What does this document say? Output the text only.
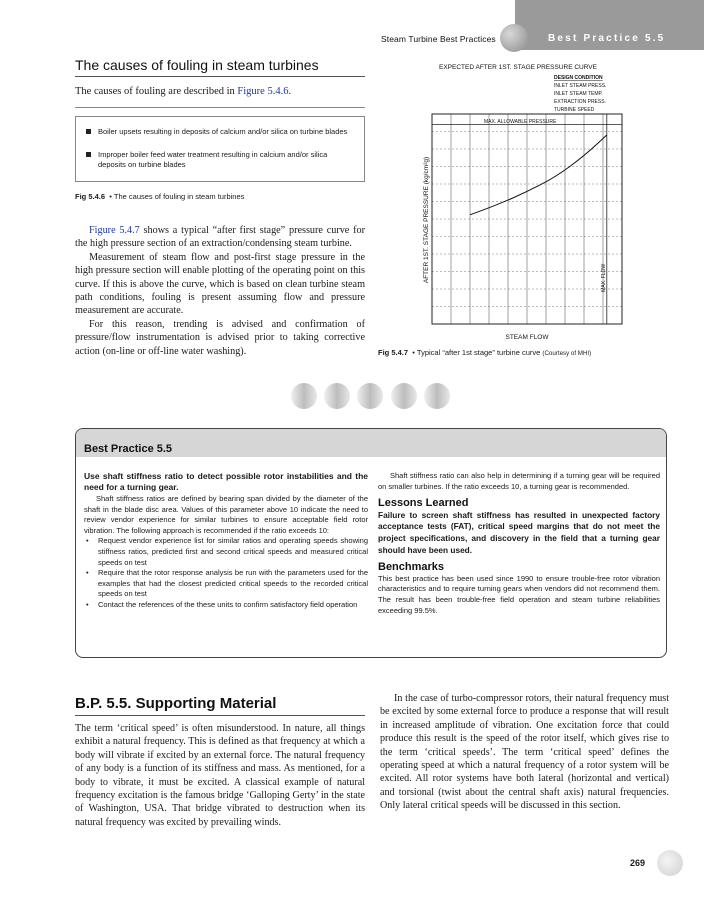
Steam Turbine Best Practices	Best Practice 5.5
The causes of fouling in steam turbines
The causes of fouling are described in Figure 5.4.6.
Boiler upsets resulting in deposits of calcium and/or silica on turbine blades
Improper boiler feed water treatment resulting in calcium and/or silica deposits on turbine blades
Fig 5.4.6  • The causes of fouling in steam turbines

Figure 5.4.7 shows a typical “after first stage” pressure curve for the high pressure section of an extraction/condensing steam turbine.

Measurement of steam flow and post-first stage pressure in the high pressure section will enable plotting of the operating point on this curve. If this is above the curve, which is based on clean turbine steam path conditions, fouling is present assuming flow and pressure measurement are accurate.

For this reason, trending is advised and confirmation of pressure/flow instrumentation is advised prior to taking corrective action (on-line or off-line water washing).

EXPECTED AFTER 1ST. STAGE PRESSURE CURVE
DESIGN CONDITION
INLET STEAM PRESS.
INLET STEAM TEMP.
EXTRACTION PRESS.
TURBINE SPEED
MAX. ALLOWABLE PRESSURE
MAX. FLOW
STEAM FLOW
AFTER 1ST. STAGE PRESSURE (kg/cm²g)
Fig 5.4.7  • Typical “after 1st stage” turbine curve (Courtesy of MHI)
Best Practice 5.5

Use shaft stiffness ratio to detect possible rotor instabilities and the need for a turning gear.

Shaft stiffness ratios are defined by bearing span divided by the diameter of the shaft in the blade disc area. Values of this parameter above 10 indicate the need to review vendor experience for similar turbines to ensure acceptable field rotor vibration. The following approach is recommended if the ratio exceeds 10:

• Request vendor experience list for similar ratios and operating speeds showing stiffness ratios, predicted first and second critical speeds and measured critical speeds on test
• Require that the rotor response analysis be run with the parameters used for the examples that had the closest predicted critical speeds to the recorded critical speeds on test
• Contact the references of the these units to confirm satisfactory field operation

Shaft stiffness ratio can also help in determining if a turning gear will be required on smaller turbines. If the ratio exceeds 10, a turning gear is recommended.

Lessons Learned

Failure to screen shaft stiffness has resulted in unexpected factory acceptance tests (FAT), critical speed margins that do not meet the project specifications, and discovery in the field that a turning gear should have been used.

Benchmarks

This best practice has been used since 1990 to ensure trouble-free rotor vibration characteristics and to require turning gears when vendors did not recommend them. The result has been trouble-free field operation and steam turbine reliabilities exceeding 99.5%.

B.P. 5.5. Supporting Material

The term ‘critical speed’ is often misunderstood. In nature, all things exhibit a natural frequency. This is defined as that frequency at which a body will vibrate if excited by an external force. The natural frequency of any body is a function of its stiffness and mass. As mentioned, for a body to vibrate, it must be excited. A classical example of natural frequency excitation is the famous bridge ‘Galloping Gerty’ in the state of Washington, USA. That bridge vibrated to destruction when its natural frequency was excited by prevailing winds.

In the case of turbo-compressor rotors, their natural frequency must be excited by some external force to produce a response that will result in increased amplitude of vibration. One excitation force that could produce this result is the speed of the rotor itself, which gives rise to the term ‘critical speeds’. The term ‘critical speed’ defines the operating speed at which a natural frequency of a rotor system will be excited. All rotor systems have both lateral (horizontal and vertical) and torsional (twist about the central shaft axis) natural frequencies. Only lateral critical speeds will be discussed in this section.

269
